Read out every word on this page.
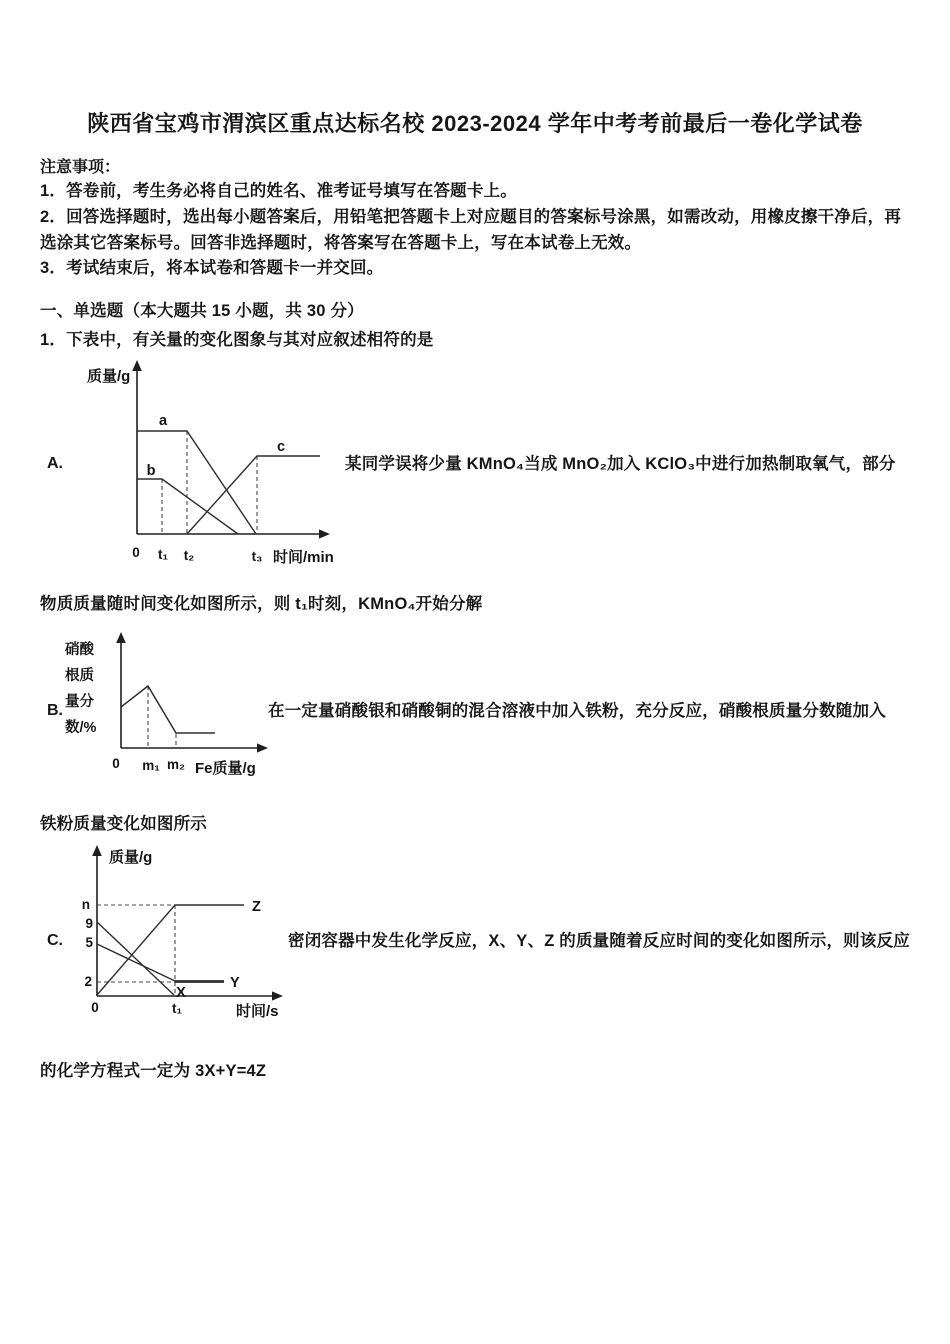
陕西省宝鸡市渭滨区重点达标名校 2023-2024 学年中考考前最后一卷化学试卷
注意事项：
1．答卷前，考生务必将自己的姓名、准考证号填写在答题卡上。
2．回答选择题时，选出每小题答案后，用铅笔把答题卡上对应题目的答案标号涂黑，如需改动，用橡皮擦干净后，再选涂其它答案标号。回答非选择题时，将答案写在答题卡上，写在本试卷上无效。
3．考试结束后，将本试卷和答题卡一并交回。
一、单选题（本大题共 15 小题，共 30 分）
1．下表中，有关量的变化图象与其对应叙述相符的是
A.
质量/g
a
b
c
0 t₁ t₂	t₃ 时间/min
某同学误将少量 KMnO₄当成 MnO₂加入 KClO₃中进行加热制取氧气，部分
物质质量随时间变化如图所示，则 t₁时刻，KMnO₄开始分解
B.
硝酸
根质
量分
数/%
0 m₁ m₂ Fe质量/g
在一定量硝酸银和硝酸铜的混合溶液中加入铁粉，充分反应，硝酸根质量分数随加入
铁粉质量变化如图所示
C.
质量/g
n
9
5
2
Z
X
Y
0	t₁	时间/s
密闭容器中发生化学反应，X、Y、Z 的质量随着反应时间的变化如图所示，则该反应
的化学方程式一定为 3X+Y=4Z
